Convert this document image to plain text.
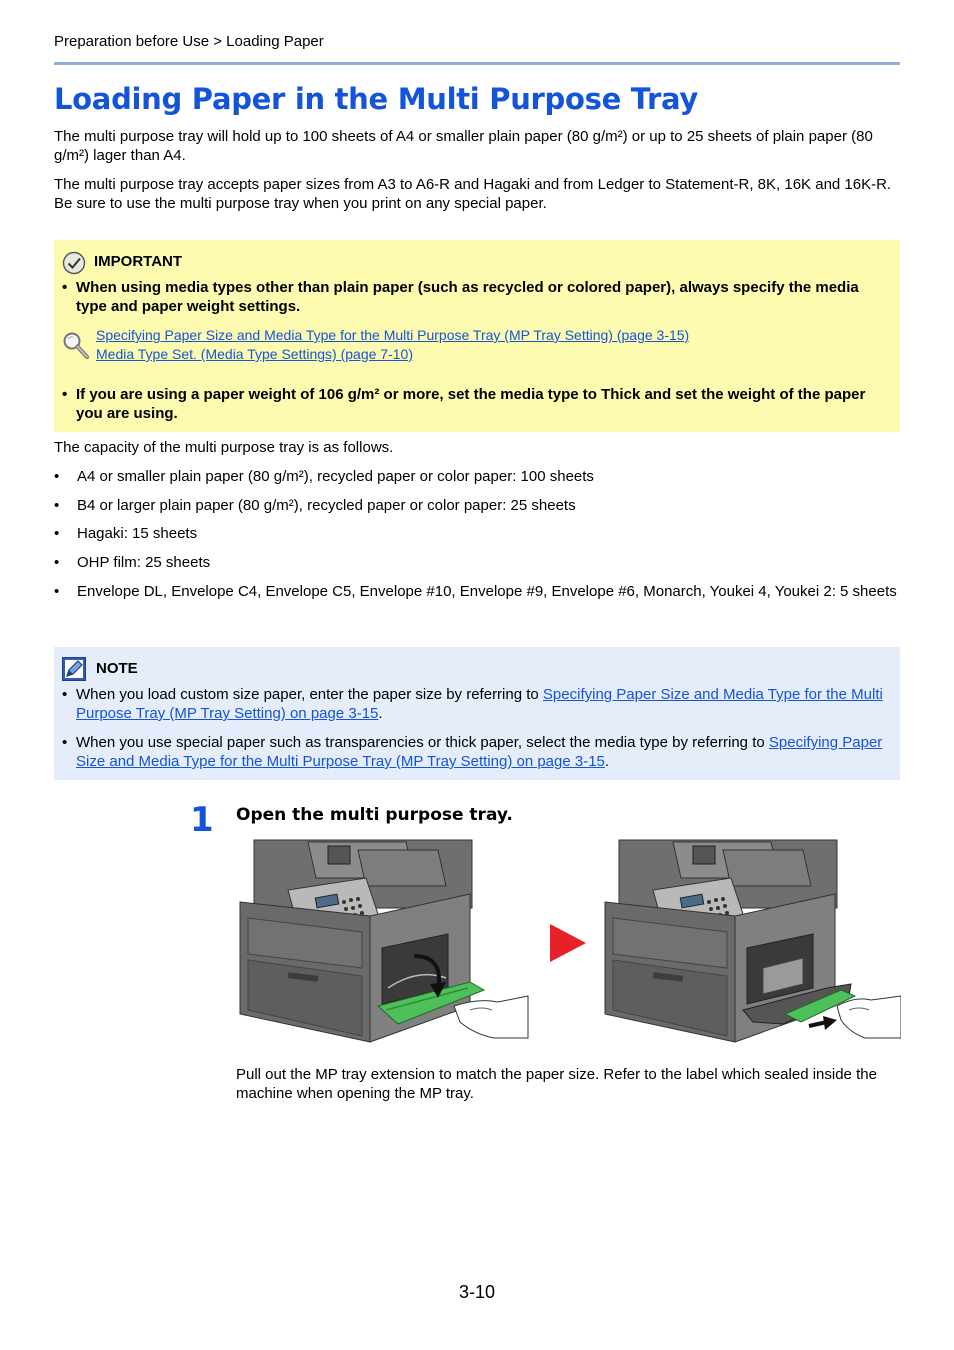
Preparation before Use > Loading Paper
Loading Paper in the Multi Purpose Tray

The multi purpose tray will hold up to 100 sheets of A4 or smaller plain paper (80 g/m²) or up to 25 sheets of plain paper (80 g/m²) lager than A4.

The multi purpose tray accepts paper sizes from A3 to A6-R and Hagaki and from Ledger to Statement-R, 8K, 16K and 16K-R. Be sure to use the multi purpose tray when you print on any special paper.

IMPORTANT
• When using media types other than plain paper (such as recycled or colored paper), always specify the media type and paper weight settings.
Specifying Paper Size and Media Type for the Multi Purpose Tray (MP Tray Setting) (page 3-15)
Media Type Set. (Media Type Settings) (page 7-10)
• If you are using a paper weight of 106 g/m² or more, set the media type to Thick and set the weight of the paper you are using.

The capacity of the multi purpose tray is as follows.

• A4 or smaller plain paper (80 g/m²), recycled paper or color paper: 100 sheets
• B4 or larger plain paper (80 g/m²), recycled paper or color paper: 25 sheets
• Hagaki: 15 sheets
• OHP film: 25 sheets
• Envelope DL, Envelope C4, Envelope C5, Envelope #10, Envelope #9, Envelope #6, Monarch, Youkei 4, Youkei 2: 5 sheets
NOTE
• When you load custom size paper, enter the paper size by referring to Specifying Paper Size and Media Type for the Multi Purpose Tray (MP Tray Setting) on page 3-15.
• When you use special paper such as transparencies or thick paper, select the media type by referring to Specifying Paper Size and Media Type for the Multi Purpose Tray (MP Tray Setting) on page 3-15.
1 Open the multi purpose tray.
Pull out the MP tray extension to match the paper size. Refer to the label which sealed inside the machine when opening the MP tray.
3-10
